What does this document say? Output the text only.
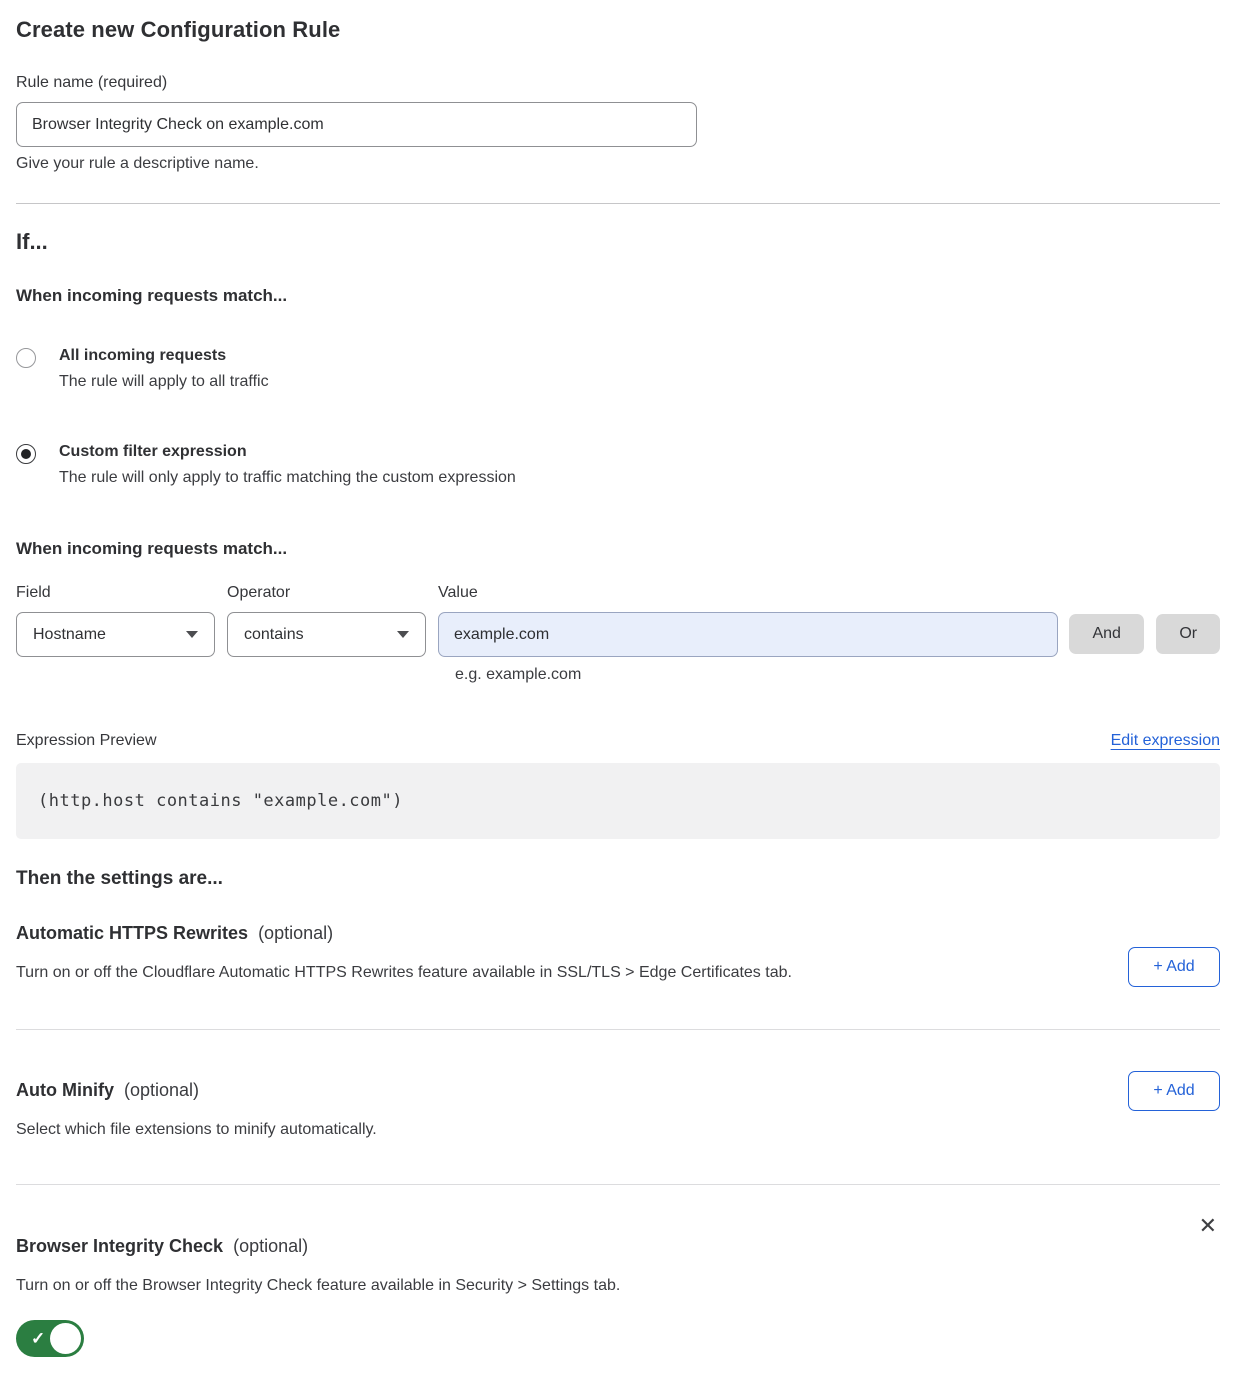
Create new Configuration Rule
Rule name (required)
Browser Integrity Check on example.com
Give your rule a descriptive name.
If...
When incoming requests match...
All incoming requests
The rule will apply to all traffic
Custom filter expression
The rule will only apply to traffic matching the custom expression
When incoming requests match...
Field
Hostname
Operator
contains
Value
example.com
And	Or
e.g. example.com
Expression Preview	Edit expression
(http.host contains "example.com")
Then the settings are...
Automatic HTTPS Rewrites (optional)
Turn on or off the Cloudflare Automatic HTTPS Rewrites feature available in SSL/TLS > Edge Certificates tab.	+ Add
Auto Minify (optional)
Select which file extensions to minify automatically.
+ Add
Browser Integrity Check (optional)
✕
Turn on or off the Browser Integrity Check feature available in Security > Settings tab.
✓
